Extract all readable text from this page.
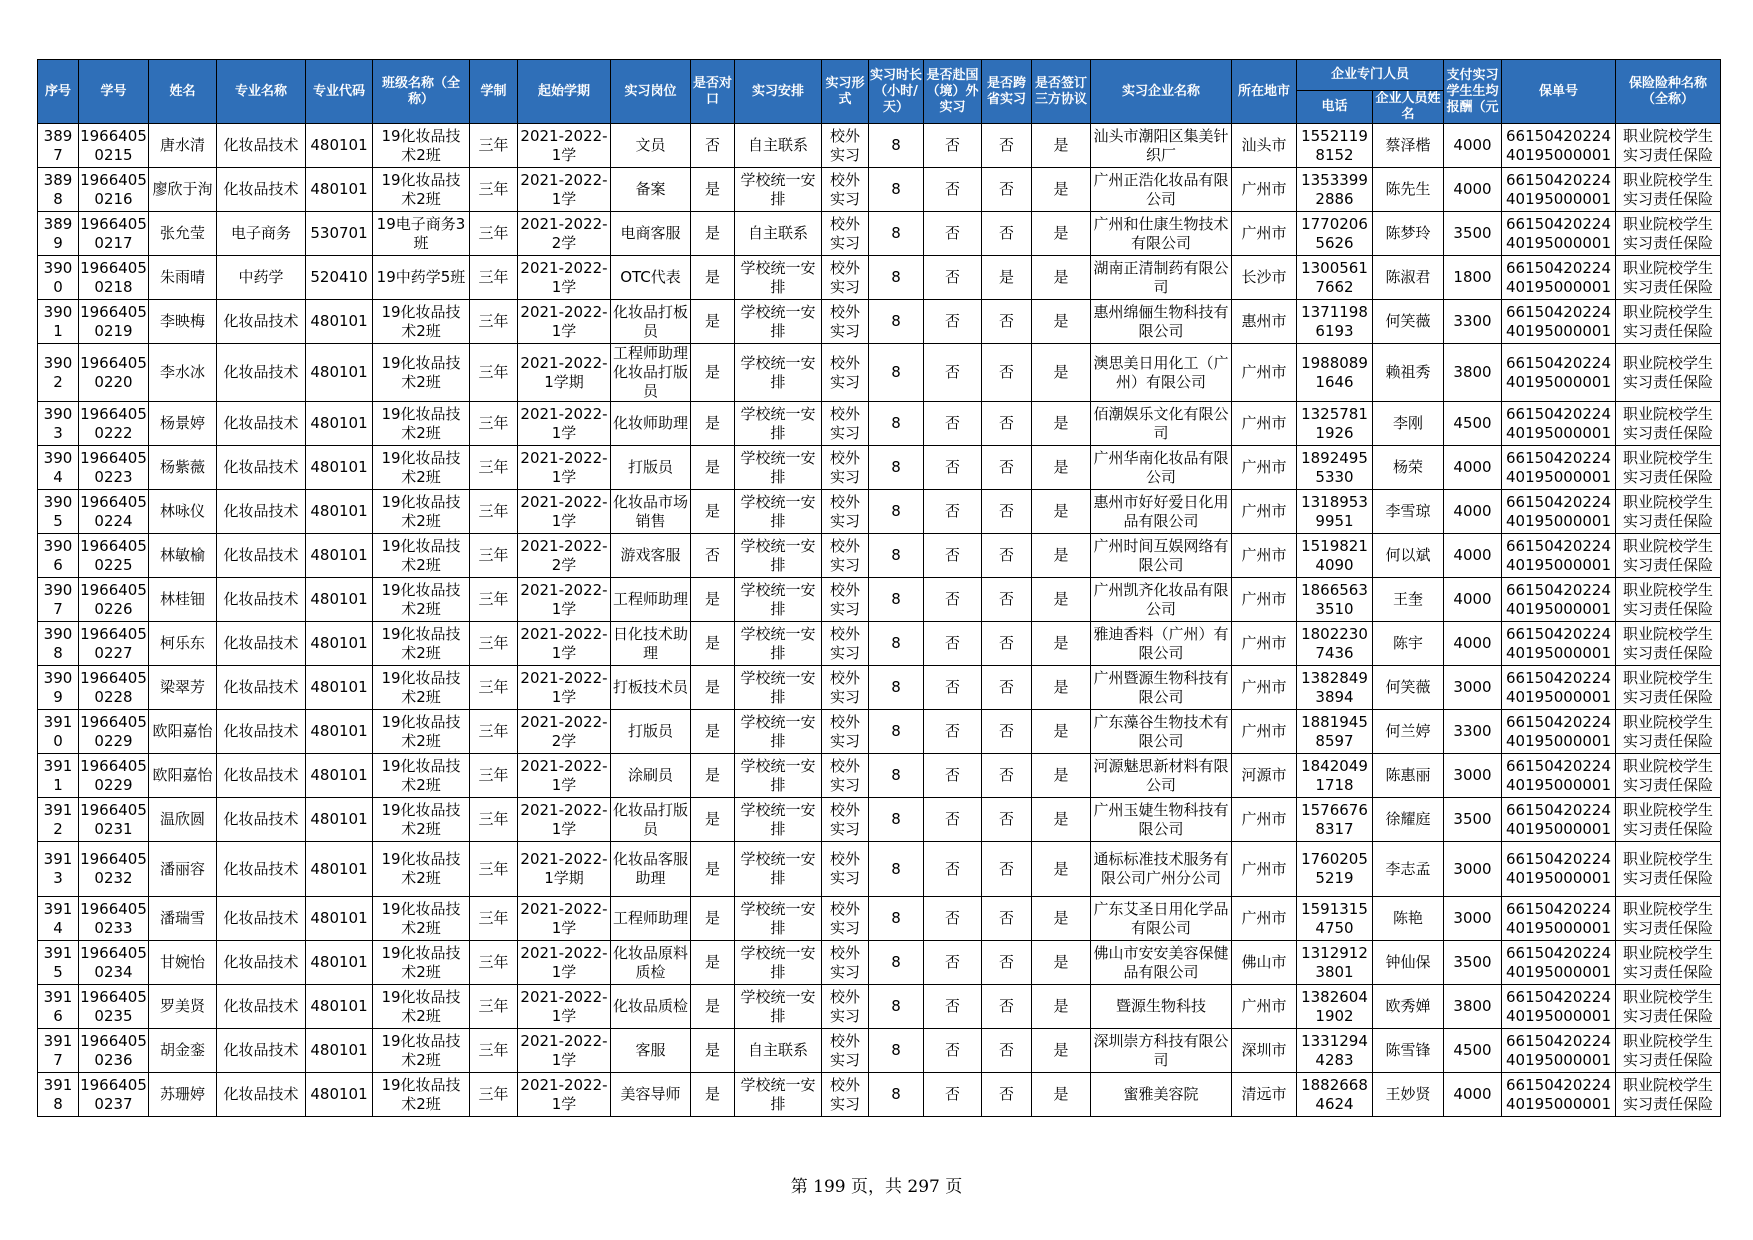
序号	学号	姓名	专业名称	专业代码	班级名称（全称）	学制	起始学期	实习岗位	是否对口	实习安排	实习形式	实习时长（小时/天）	是否赴国（境）外实习	是否跨省实习	是否签订三方协议	实习企业名称	所在地市	企业专门人员		支付实习学生生均报酬（元	保单号	保险险种名称（全称）
																		电话	企业人员姓名			
3897	19664050215	唐水清	化妆品技术	480101	19化妆品技术2班	三年	2021-2022-1学	文员	否	自主联系	校外实习	8	否	否	是	汕头市潮阳区集美针织厂	汕头市	15521198152	蔡泽楷	4000	6615042022440195000001	职业院校学生实习责任保险
3898	19664050216	廖欣于洵	化妆品技术	480101	19化妆品技术2班	三年	2021-2022-1学	备案	是	学校统一安排	校外实习	8	否	否	是	广州正浩化妆品有限公司	广州市	13533992886	陈先生	4000	6615042022440195000001	职业院校学生实习责任保险
3899	19664050217	张允莹	电子商务	530701	19电子商务3班	三年	2021-2022-2学	电商客服	是	自主联系	校外实习	8	否	否	是	广州和仕康生物技术有限公司	广州市	17702065626	陈梦玲	3500	6615042022440195000001	职业院校学生实习责任保险
3900	19664050218	朱雨晴	中药学	520410	19中药学5班	三年	2021-2022-1学	OTC代表	是	学校统一安排	校外实习	8	否	是	是	湖南正清制药有限公司	长沙市	13005617662	陈淑君	1800	6615042022440195000001	职业院校学生实习责任保险
3901	19664050219	李映梅	化妆品技术	480101	19化妆品技术2班	三年	2021-2022-1学	化妆品打板员	是	学校统一安排	校外实习	8	否	否	是	惠州绵俪生物科技有限公司	惠州市	13711986193	何笑薇	3300	6615042022440195000001	职业院校学生实习责任保险
3902	19664050220	李水冰	化妆品技术	480101	19化妆品技术2班	三年	2021-2022-1学期	工程师助理化妆品打版员	是	学校统一安排	校外实习	8	否	否	是	澳思美日用化工（广州）有限公司	广州市	19880891646	赖祖秀	3800	6615042022440195000001	职业院校学生实习责任保险
3903	19664050222	杨景婷	化妆品技术	480101	19化妆品技术2班	三年	2021-2022-1学	化妆师助理	是	学校统一安排	校外实习	8	否	否	是	佰潮娱乐文化有限公司	广州市	13257811926	李刚	4500	6615042022440195000001	职业院校学生实习责任保险
3904	19664050223	杨紫薇	化妆品技术	480101	19化妆品技术2班	三年	2021-2022-1学	打版员	是	学校统一安排	校外实习	8	否	否	是	广州华南化妆品有限公司	广州市	18924955330	杨荣	4000	6615042022440195000001	职业院校学生实习责任保险
3905	19664050224	林咏仪	化妆品技术	480101	19化妆品技术2班	三年	2021-2022-1学	化妆品市场销售	是	学校统一安排	校外实习	8	否	否	是	惠州市好好爱日化用品有限公司	广州市	13189539951	李雪琼	4000	6615042022440195000001	职业院校学生实习责任保险
3906	19664050225	林敏榆	化妆品技术	480101	19化妆品技术2班	三年	2021-2022-2学	游戏客服	否	学校统一安排	校外实习	8	否	否	是	广州时间互娱网络有限公司	广州市	15198214090	何以斌	4000	6615042022440195000001	职业院校学生实习责任保险
3907	19664050226	林桂钿	化妆品技术	480101	19化妆品技术2班	三年	2021-2022-1学	工程师助理	是	学校统一安排	校外实习	8	否	否	是	广州凯齐化妆品有限公司	广州市	18665633510	王奎	4000	6615042022440195000001	职业院校学生实习责任保险
3908	19664050227	柯乐东	化妆品技术	480101	19化妆品技术2班	三年	2021-2022-1学	日化技术助理	是	学校统一安排	校外实习	8	否	否	是	雅迪香料（广州）有限公司	广州市	18022307436	陈宇	4000	6615042022440195000001	职业院校学生实习责任保险
3909	19664050228	梁翠芳	化妆品技术	480101	19化妆品技术2班	三年	2021-2022-1学	打板技术员	是	学校统一安排	校外实习	8	否	否	是	广州暨源生物科技有限公司	广州市	13828493894	何笑薇	3000	6615042022440195000001	职业院校学生实习责任保险
3910	19664050229	欧阳嘉怡	化妆品技术	480101	19化妆品技术2班	三年	2021-2022-2学	打版员	是	学校统一安排	校外实习	8	否	否	是	广东藻谷生物技术有限公司	广州市	18819458597	何兰婷	3300	6615042022440195000001	职业院校学生实习责任保险
3911	19664050229	欧阳嘉怡	化妆品技术	480101	19化妆品技术2班	三年	2021-2022-1学	涂刷员	是	学校统一安排	校外实习	8	否	否	是	河源魅思新材料有限公司	河源市	18420491718	陈惠丽	3000	6615042022440195000001	职业院校学生实习责任保险
3912	19664050231	温欣圆	化妆品技术	480101	19化妆品技术2班	三年	2021-2022-1学	化妆品打版员	是	学校统一安排	校外实习	8	否	否	是	广州玉婕生物科技有限公司	广州市	15766768317	徐耀庭	3500	6615042022440195000001	职业院校学生实习责任保险
3913	19664050232	潘丽容	化妆品技术	480101	19化妆品技术2班	三年	2021-2022-1学期	化妆品客服助理	是	学校统一安排	校外实习	8	否	否	是	通标标准技术服务有限公司广州分公司	广州市	17602055219	李志孟	3000	6615042022440195000001	职业院校学生实习责任保险
3914	19664050233	潘瑞雪	化妆品技术	480101	19化妆品技术2班	三年	2021-2022-1学	工程师助理	是	学校统一安排	校外实习	8	否	否	是	广东艾圣日用化学品有限公司	广州市	15913154750	陈艳	3000	6615042022440195000001	职业院校学生实习责任保险
3915	19664050234	甘婉怡	化妆品技术	480101	19化妆品技术2班	三年	2021-2022-1学	化妆品原料质检	是	学校统一安排	校外实习	8	否	否	是	佛山市安安美容保健品有限公司	佛山市	13129123801	钟仙保	3500	6615042022440195000001	职业院校学生实习责任保险
3916	19664050235	罗美贤	化妆品技术	480101	19化妆品技术2班	三年	2021-2022-1学	化妆品质检	是	学校统一安排	校外实习	8	否	否	是	暨源生物科技	广州市	13826041902	欧秀婵	3800	6615042022440195000001	职业院校学生实习责任保险
3917	19664050236	胡金銮	化妆品技术	480101	19化妆品技术2班	三年	2021-2022-1学	客服	是	自主联系	校外实习	8	否	否	是	深圳崇方科技有限公司	深圳市	13312944283	陈雪锋	4500	6615042022440195000001	职业院校学生实习责任保险
3918	19664050237	苏珊婷	化妆品技术	480101	19化妆品技术2班	三年	2021-2022-1学	美容导师	是	学校统一安排	校外实习	8	否	否	是	蜜雅美容院	清远市	18826684624	王妙贤	4000	6615042022440195000001	职业院校学生实习责任保险
第 199 页，共 297 页
